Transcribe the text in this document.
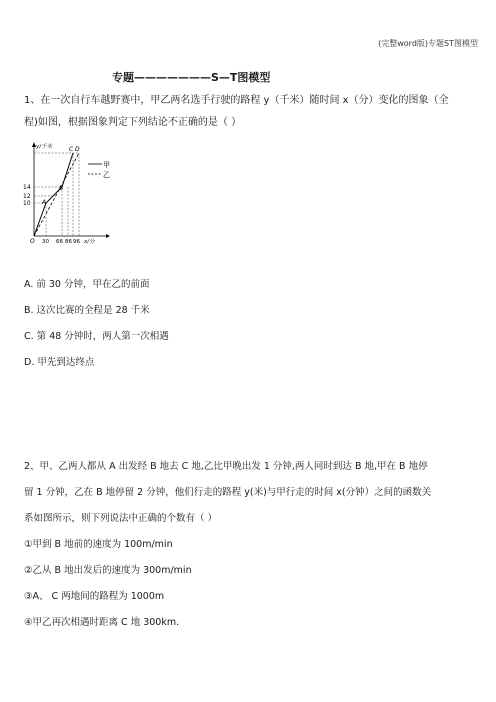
(完整word版)专题ST图模型
专题———————S—T图模型
1、在一次自行车越野赛中，甲乙两名选手行驶的路程 y（千米）随时间 x（分）变化的图象（全
程)如图，根据图象判定下列结论不正确的是（ ）
14
12
10
30 66 86 96
O	x/分
y/千米
A
B
C D
甲
乙
A. 前 30 分钟，甲在乙的前面
B. 这次比赛的全程是 28 千米
C. 第 48 分钟时，两人第一次相遇
D. 甲先到达终点
2、甲、乙两人都从 A 出发经 B 地去 C 地,乙比甲晚出发 1 分钟,两人同时到达 B 地,甲在 B 地停
留 1 分钟，乙在 B 地停留 2 分钟，他们行走的路程 y(米)与甲行走的时间 x(分钟）之间的函数关
系如图所示，则下列说法中正确的个数有（ ）
①甲到 B 地前的速度为 100m/min
②乙从 B 地出发后的速度为 300m/min
③A、 C 两地间的路程为 1000m
④甲乙再次相遇时距离 C 地 300km.
